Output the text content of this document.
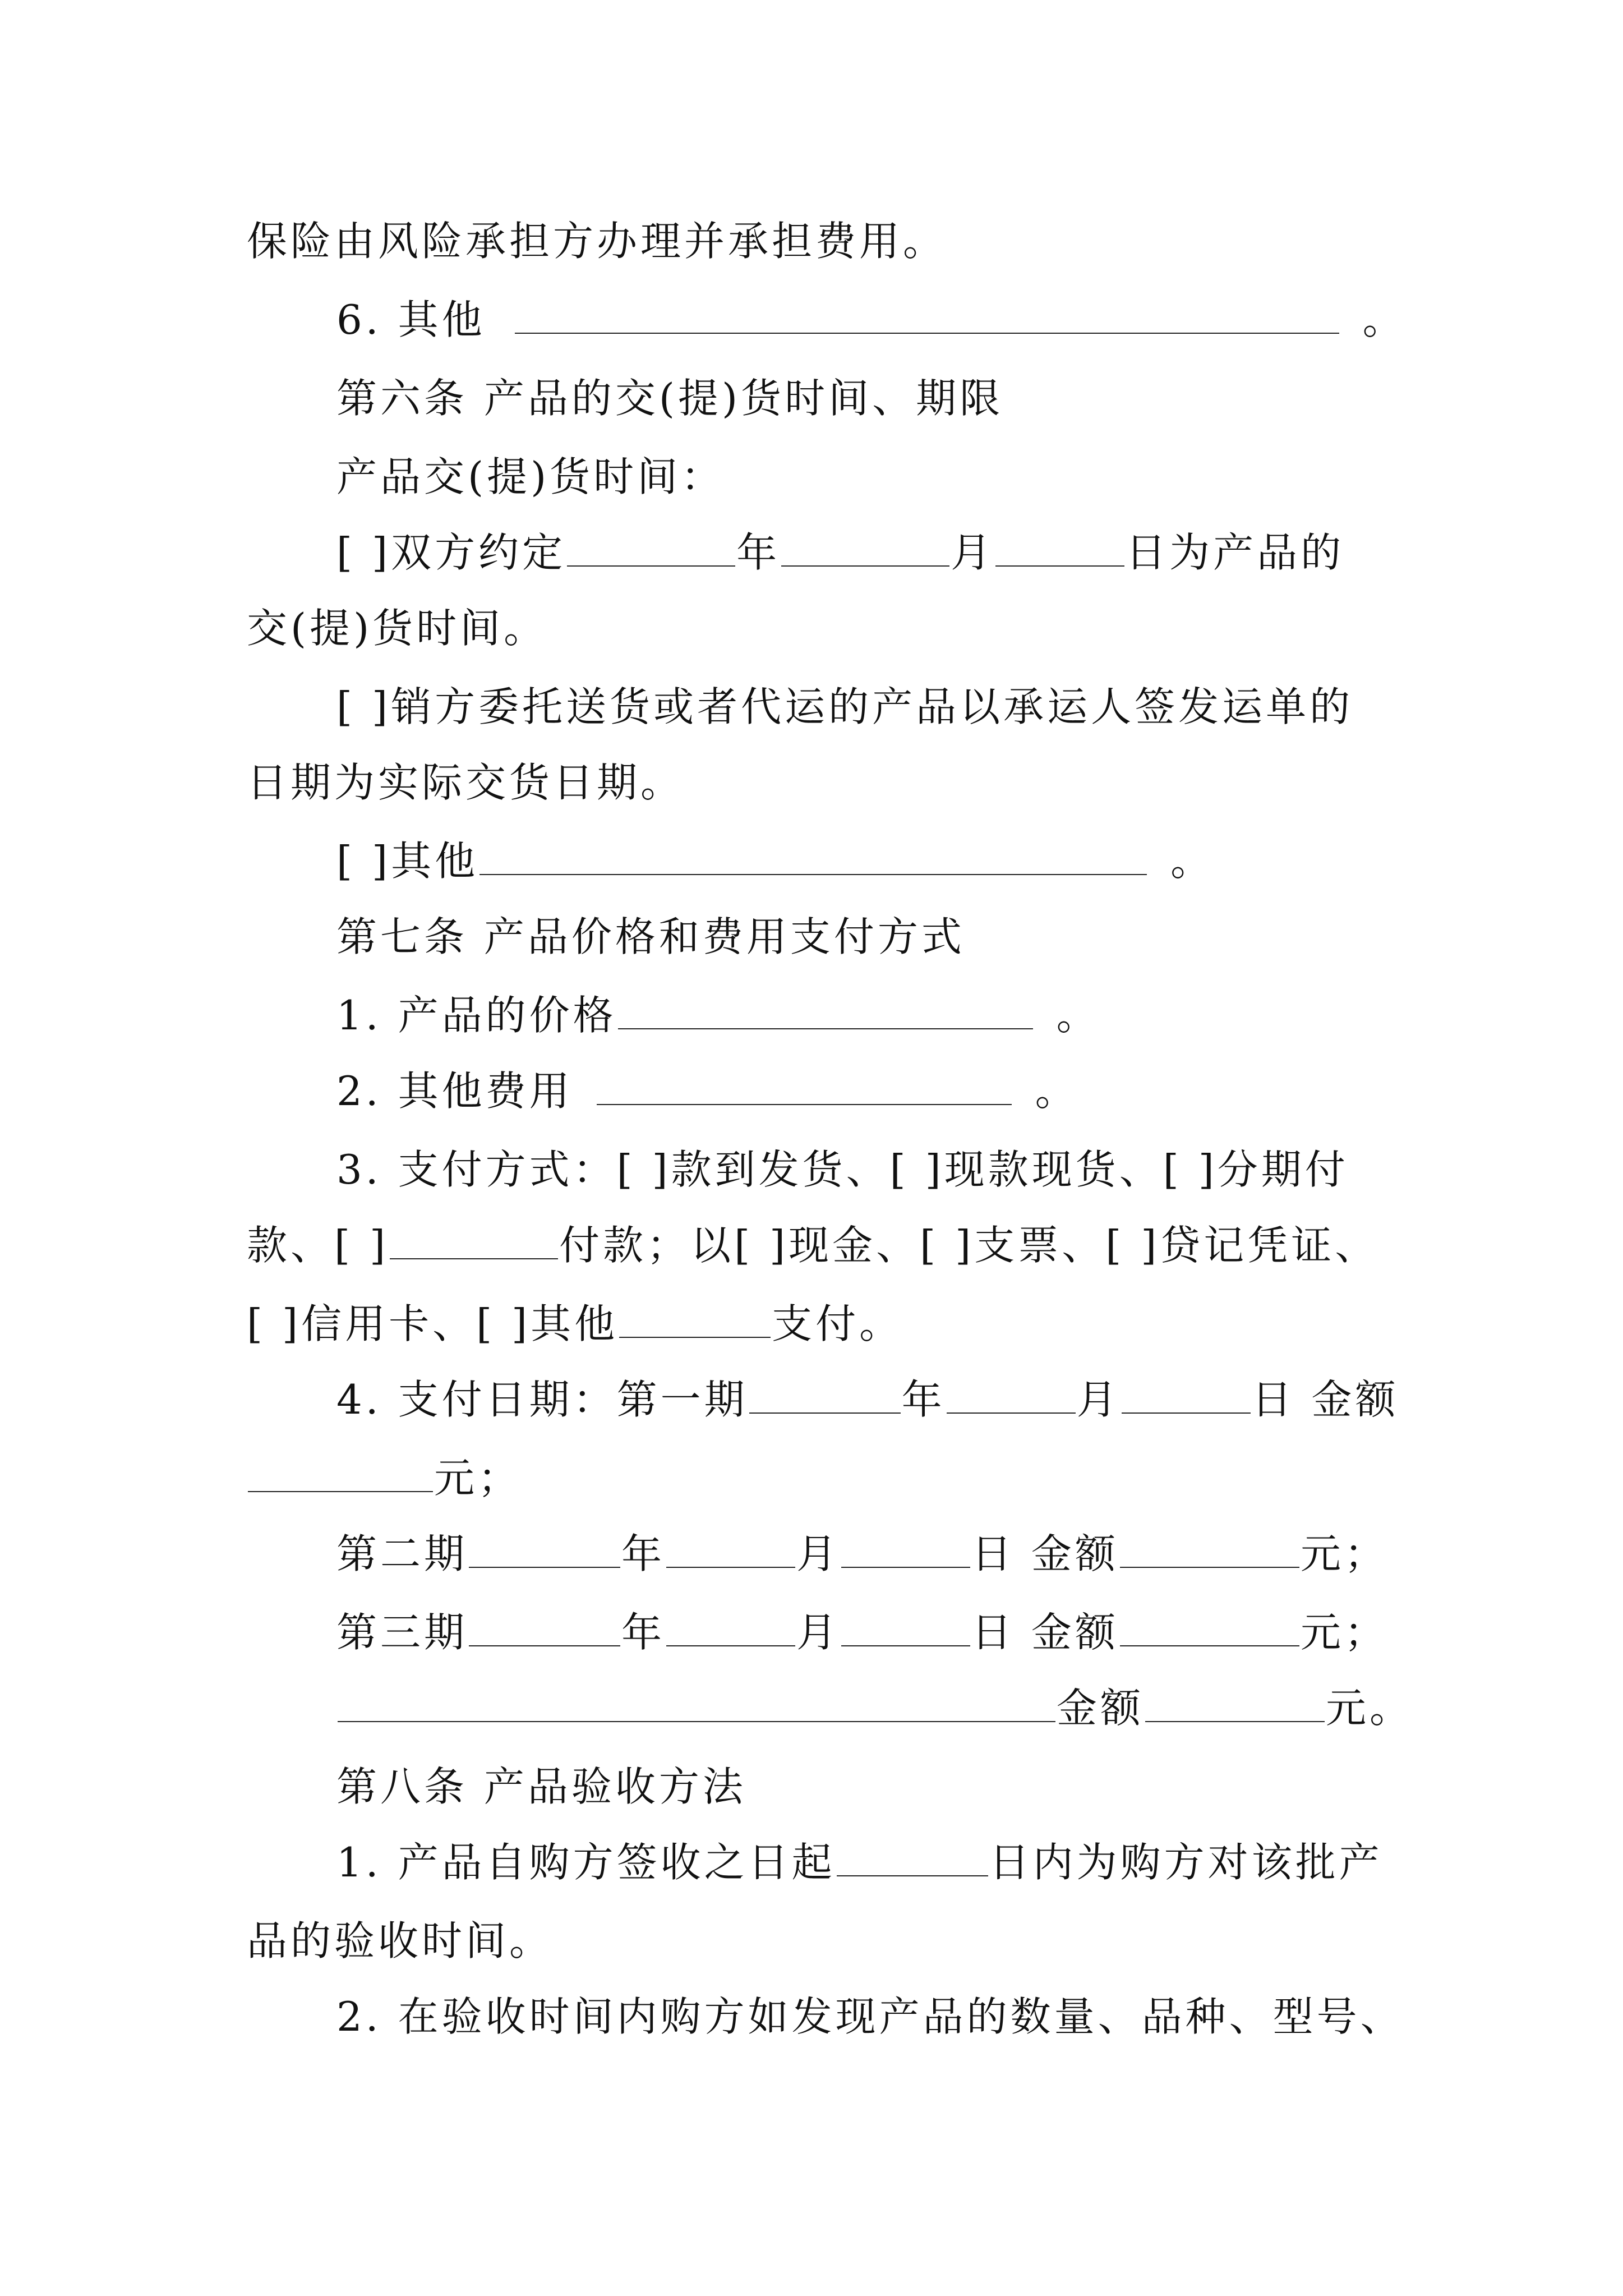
保险由风险承担方办理并承担费用。
6. 其他	。
第六条 产品的交(提)货时间、期限
产品交(提)货时间：
[ ]双方约定	年	月	日为产品的
交(提)货时间。
[ ]销方委托送货或者代运的产品以承运人签发运单的
日期为实际交货日期。
[ ]其他	。
第七条 产品价格和费用支付方式
1. 产品的价格	。
2. 其他费用	。
3. 支付方式：[ ]款到发货、[ ]现款现货、[ ]分期付
款、[ ]	付款；以[ ]现金、[ ]支票、[ ]贷记凭证、
[ ]信用卡、[ ]其他	支付。
4. 支付日期：第一期	年	月	日 金额
元；
第二期	年	月	日 金额	元；
第三期	年	月	日 金额	元；
金额	元。
第八条 产品验收方法
1. 产品自购方签收之日起	日内为购方对该批产
品的验收时间。
2. 在验收时间内购方如发现产品的数量、品种、型号、
